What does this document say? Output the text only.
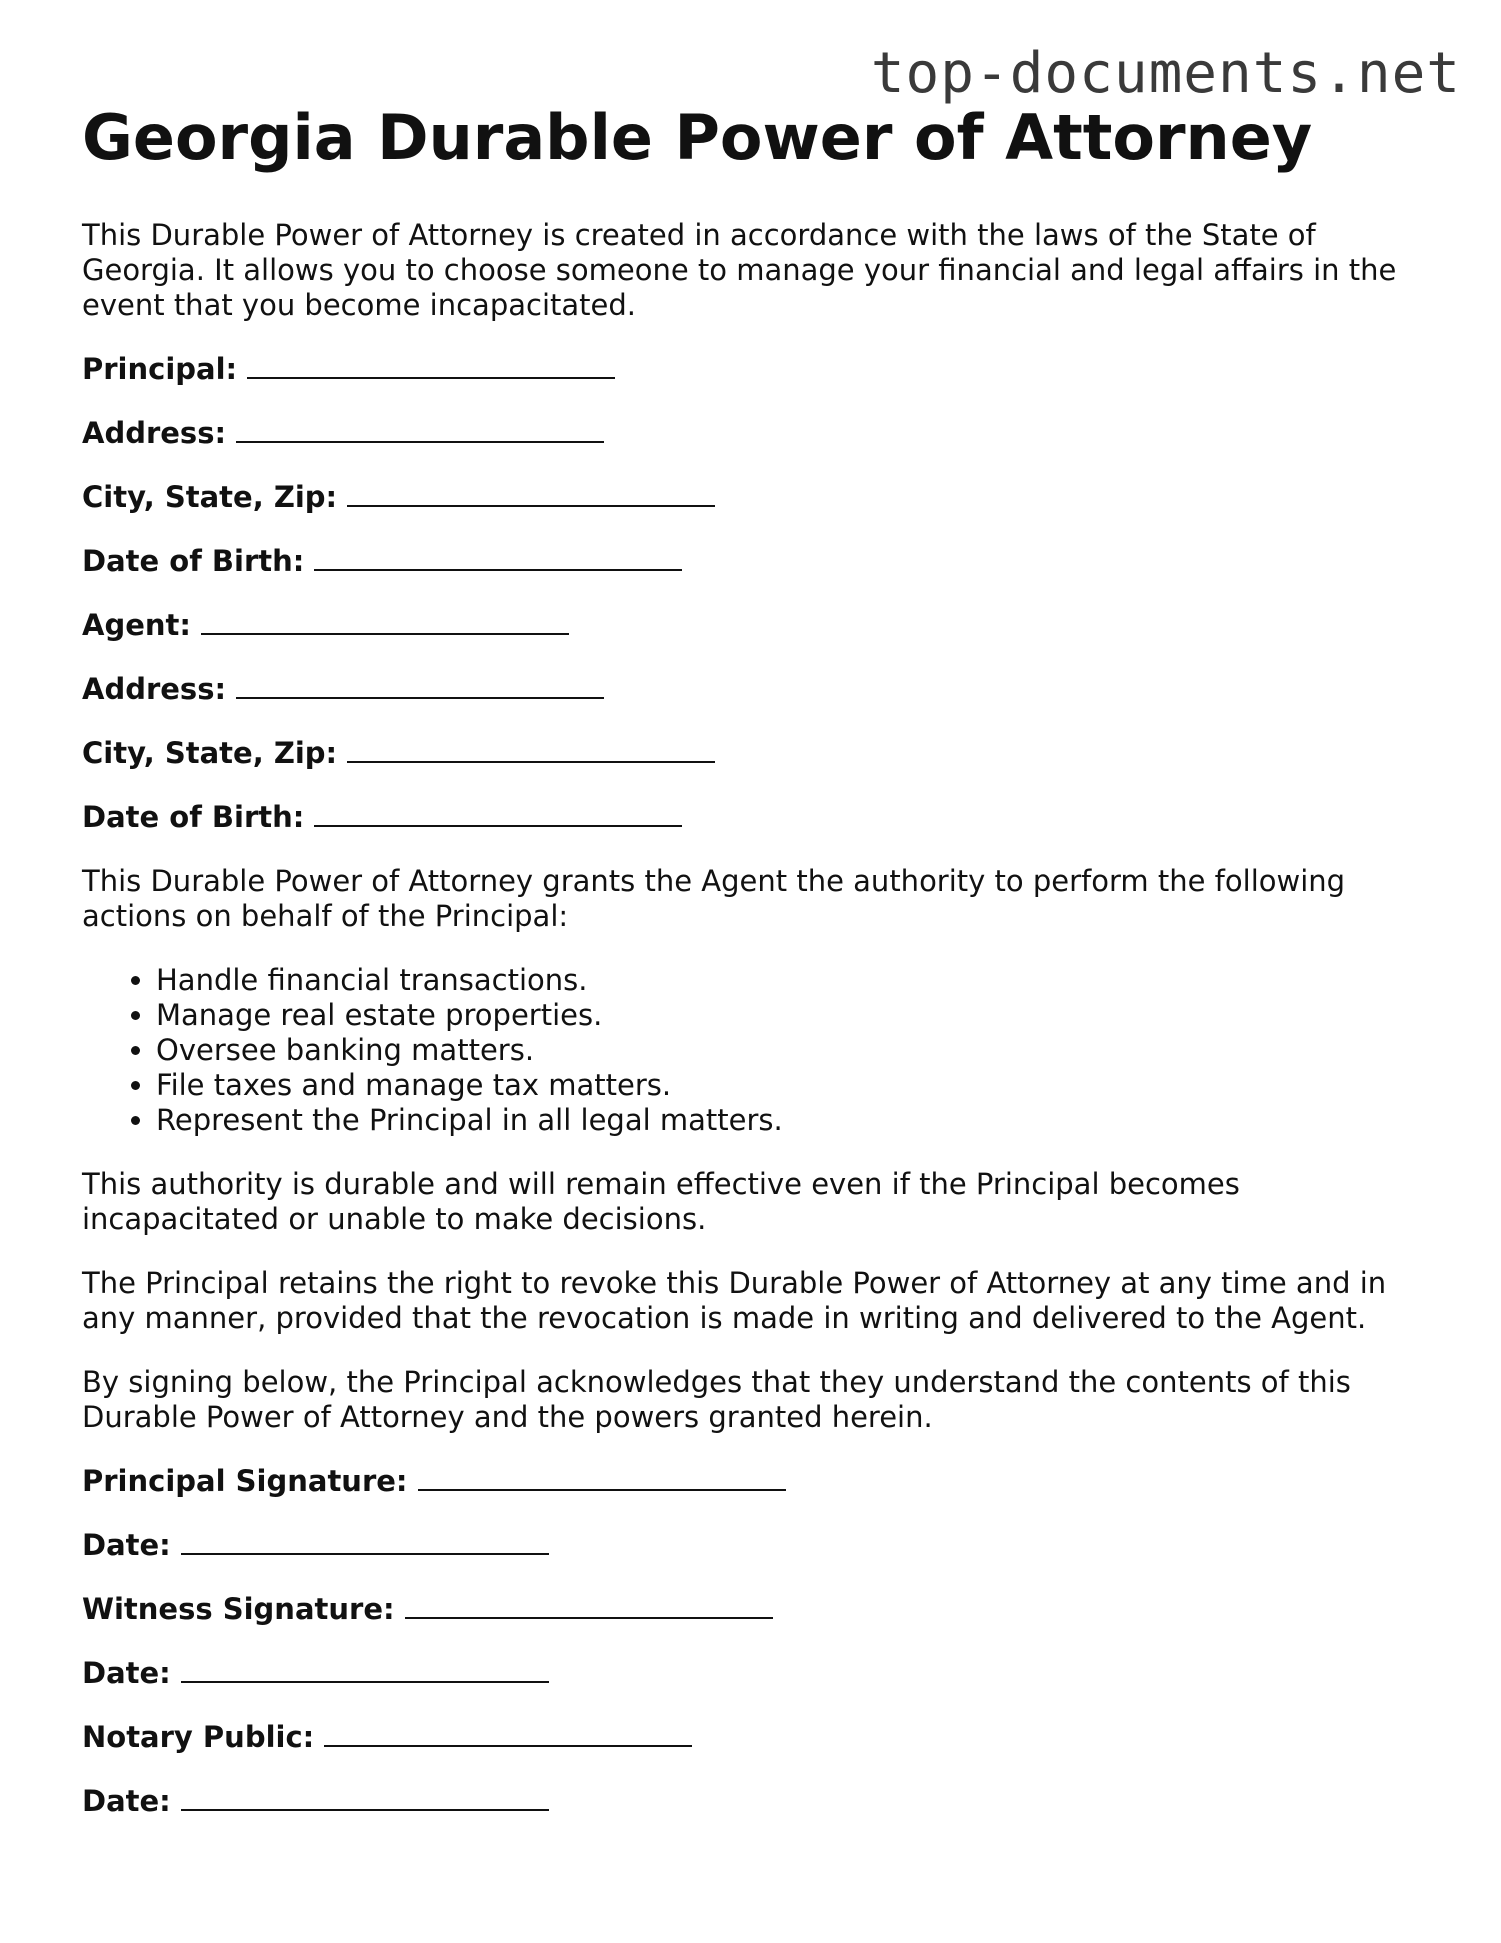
top-documents.net
Georgia Durable Power of Attorney

This Durable Power of Attorney is created in accordance with the laws of the State of Georgia. It allows you to choose someone to manage your financial and legal affairs in the event that you become incapacitated.

Principal:
Address:
City, State, Zip:
Date of Birth:
Agent:
Address:
City, State, Zip:
Date of Birth:

This Durable Power of Attorney grants the Agent the authority to perform the following actions on behalf of the Principal:

• Handle financial transactions.
• Manage real estate properties.
• Oversee banking matters.
• File taxes and manage tax matters.
• Represent the Principal in all legal matters.

This authority is durable and will remain effective even if the Principal becomes incapacitated or unable to make decisions.

The Principal retains the right to revoke this Durable Power of Attorney at any time and in any manner, provided that the revocation is made in writing and delivered to the Agent.

By signing below, the Principal acknowledges that they understand the contents of this Durable Power of Attorney and the powers granted herein.

Principal Signature:
Date:
Witness Signature:
Date:
Notary Public:
Date:
